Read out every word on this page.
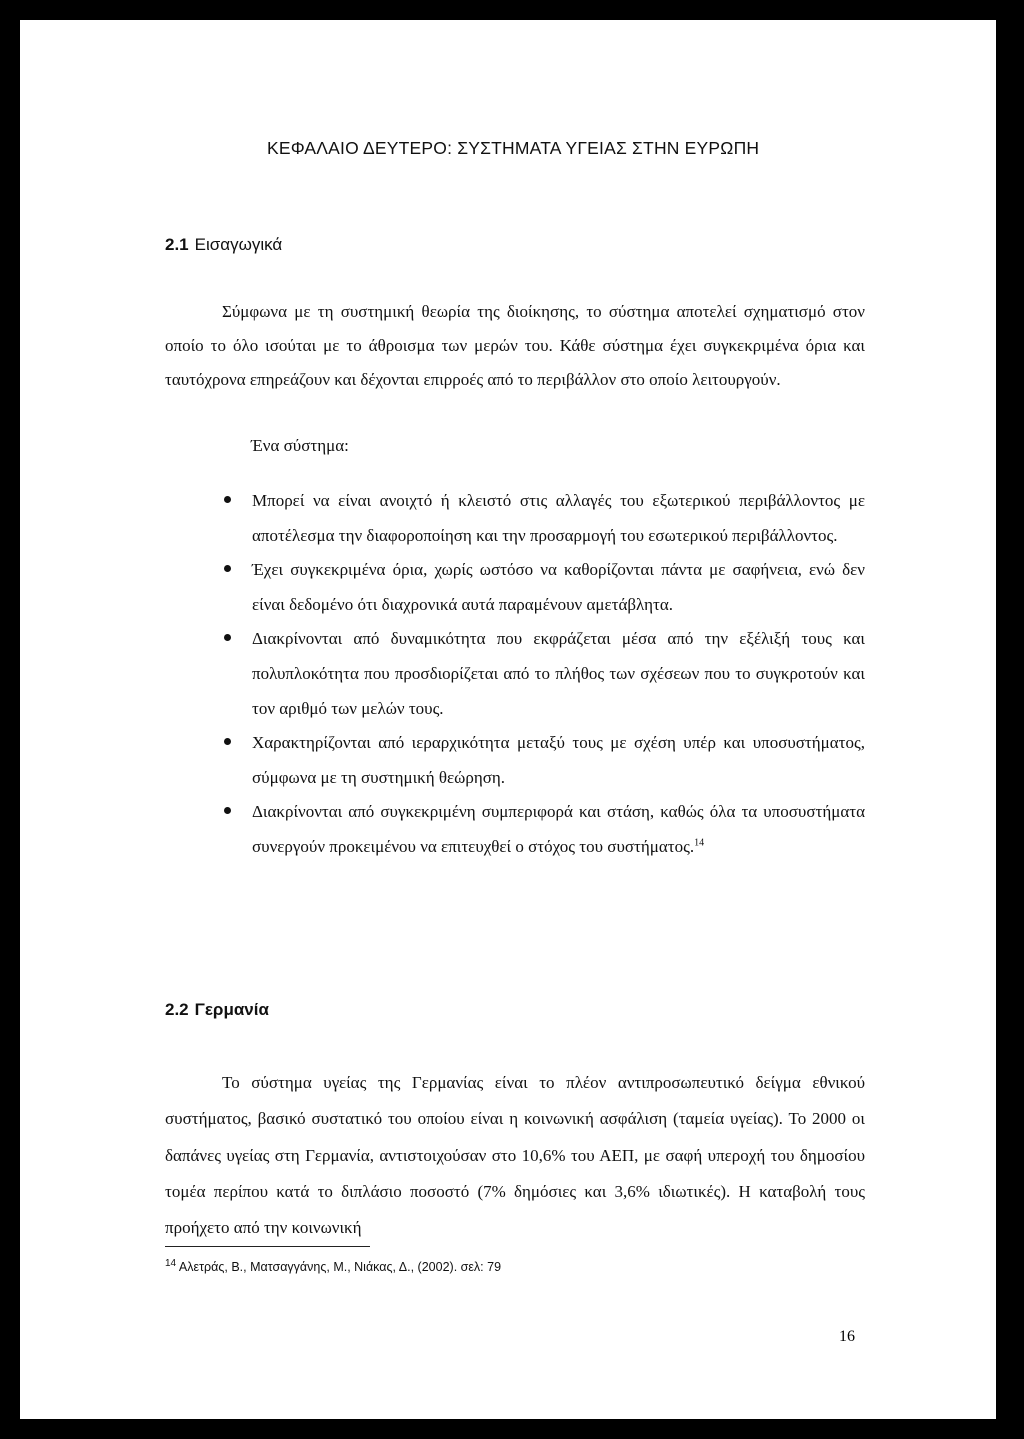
ΚΕΦΑΛΑΙΟ ΔΕΥΤΕΡΟ: ΣΥΣΤΗΜΑΤΑ ΥΓΕΙΑΣ ΣΤΗΝ ΕΥΡΩΠΗ
2.1 Εισαγωγικά
Σύμφωνα με τη συστημική θεωρία της διοίκησης, το σύστημα αποτελεί σχηματισμό στον οποίο το όλο ισούται με το άθροισμα των μερών του. Κάθε σύστημα έχει συγκεκριμένα όρια και ταυτόχρονα επηρεάζουν και δέχονται επιρροές από το περιβάλλον στο οποίο λειτουργούν.
Ένα σύστημα:
Μπορεί να είναι ανοιχτό ή κλειστό στις αλλαγές του εξωτερικού περιβάλλοντος με αποτέλεσμα την διαφοροποίηση και την προσαρμογή του εσωτερικού περιβάλλοντος.
Έχει συγκεκριμένα όρια, χωρίς ωστόσο να καθορίζονται πάντα με σαφήνεια, ενώ δεν είναι δεδομένο ότι διαχρονικά αυτά παραμένουν αμετάβλητα.
Διακρίνονται από δυναμικότητα που εκφράζεται μέσα από την εξέλιξή τους και πολυπλοκότητα που προσδιορίζεται από το πλήθος των σχέσεων που το συγκροτούν και τον αριθμό των μελών τους.
Χαρακτηρίζονται από ιεραρχικότητα μεταξύ τους με σχέση υπέρ και υποσυστήματος, σύμφωνα με τη συστημική θεώρηση.
Διακρίνονται από συγκεκριμένη συμπεριφορά και στάση, καθώς όλα τα υποσυστήματα συνεργούν προκειμένου να επιτευχθεί ο στόχος του συστήματος.$^{14}$
2.2 Γερμανία
Το σύστημα υγείας της Γερμανίας είναι το πλέον αντιπροσωπευτικό δείγμα εθνικού συστήματος, βασικό συστατικό του οποίου είναι η κοινωνική ασφάλιση (ταμεία υγείας). Το 2000 οι δαπάνες υγείας στη Γερμανία, αντιστοιχούσαν στο 10,6% του ΑΕΠ, με σαφή υπεροχή του δημοσίου τομέα περίπου κατά το διπλάσιο ποσοστό (7% δημόσιες και 3,6% ιδιωτικές). Η καταβολή τους προήχετο από την κοινωνική
$^{14}$ Αλετράς, Β., Ματσαγγάνης, Μ., Νιάκας, Δ., (2002). σελ: 79
16
